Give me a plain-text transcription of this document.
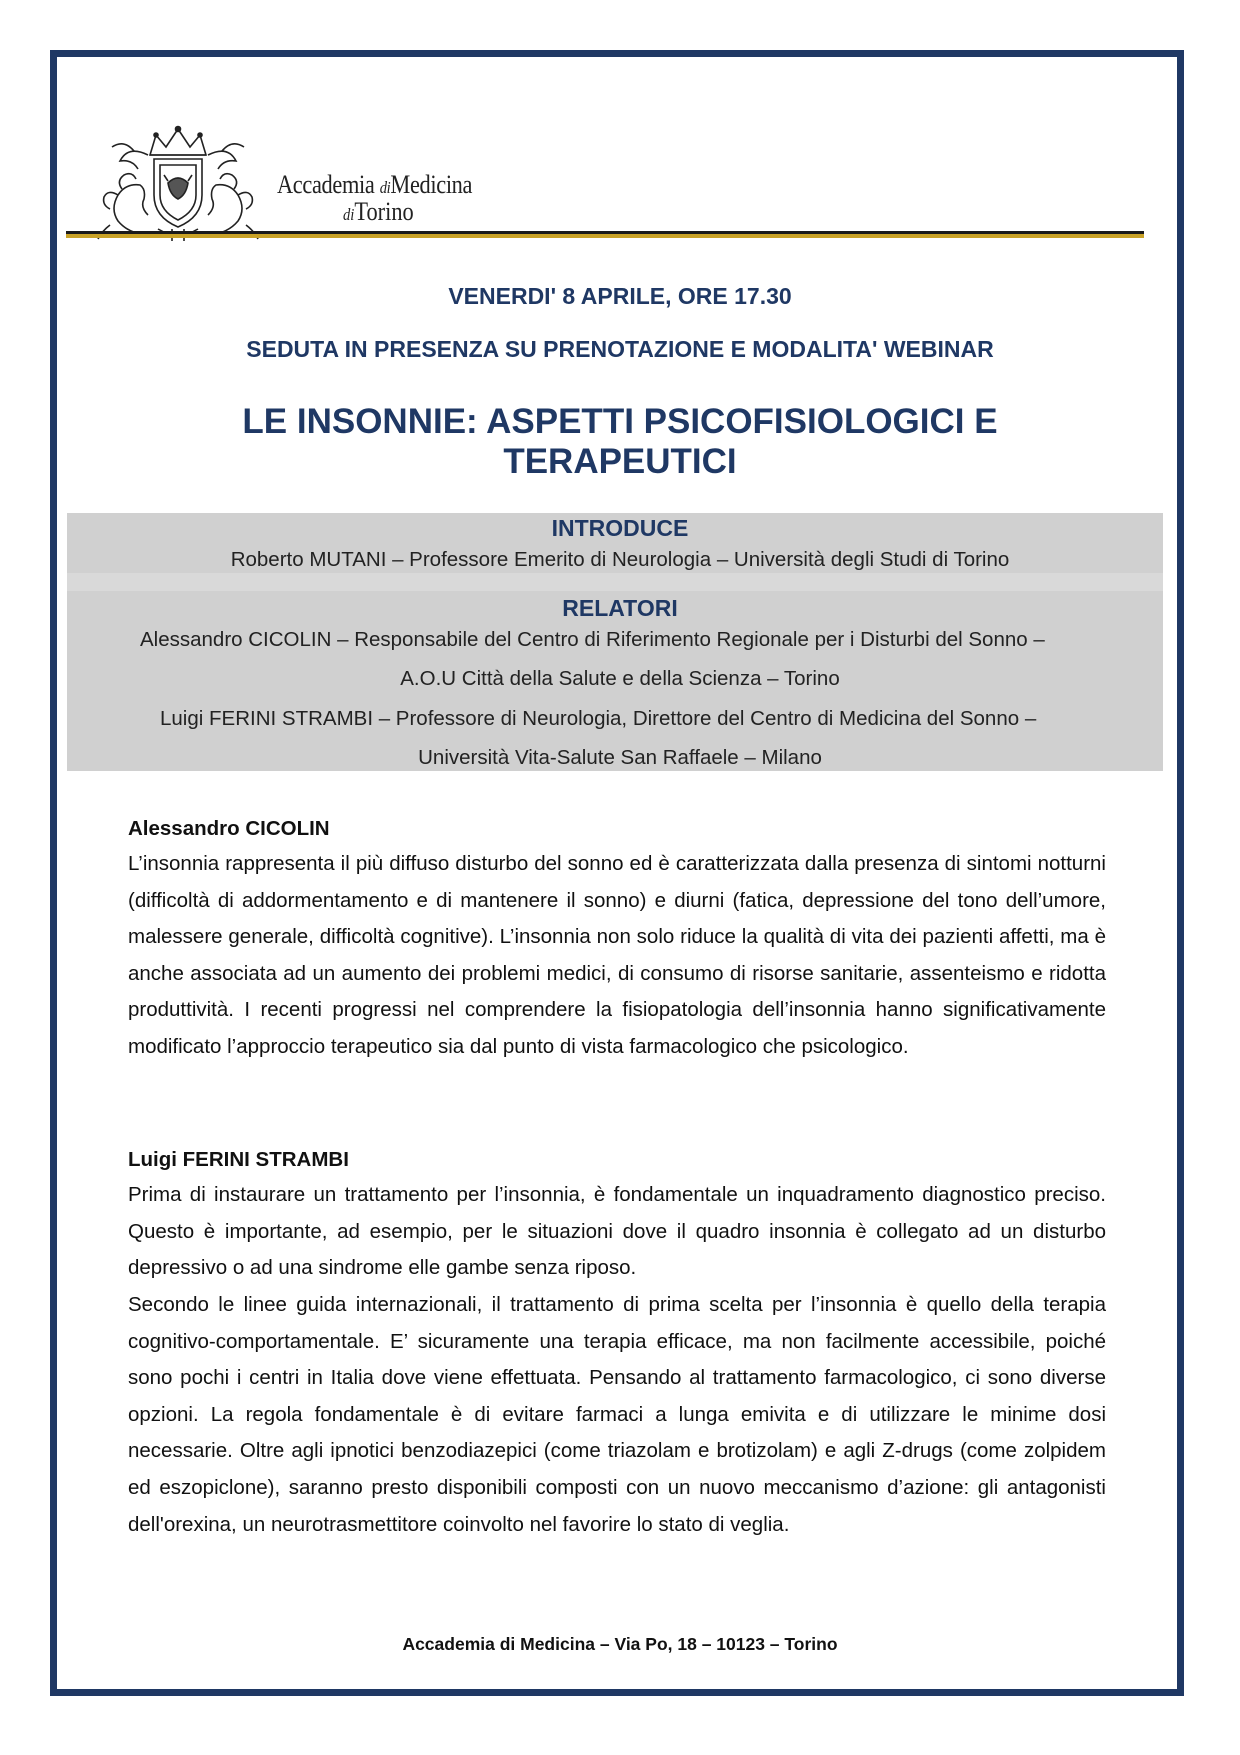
Accademia diMedicina
diTorino
VENERDI' 8 APRILE, ORE 17.30
SEDUTA IN PRESENZA SU PRENOTAZIONE E MODALITA' WEBINAR
LE INSONNIE: ASPETTI PSICOFISIOLOGICI E
TERAPEUTICI
INTRODUCE
Roberto MUTANI – Professore Emerito di Neurologia – Università degli Studi di Torino
RELATORI
Alessandro CICOLIN – Responsabile del Centro di Riferimento Regionale per i Disturbi del Sonno –
A.O.U Città della Salute e della Scienza – Torino
Luigi FERINI STRAMBI – Professore di Neurologia, Direttore del Centro di Medicina del Sonno –
Università Vita-Salute San Raffaele – Milano
Alessandro CICOLIN
L’insonnia rappresenta il più diffuso disturbo del sonno ed è caratterizzata dalla presenza di sintomi notturni (difficoltà di addormentamento e di mantenere il sonno) e diurni (fatica, depressione del tono dell’umore, malessere generale, difficoltà cognitive). L’insonnia non solo riduce la qualità di vita dei pazienti affetti, ma è anche associata ad un aumento dei problemi medici, di consumo di risorse sanitarie, assenteismo e ridotta produttività. I recenti progressi nel comprendere la fisiopatologia dell’insonnia hanno significativamente modificato l’approccio terapeutico sia dal punto di vista farmacologico che psicologico.
Luigi FERINI STRAMBI
Prima di instaurare un trattamento per l’insonnia, è fondamentale un inquadramento diagnostico preciso. Questo è importante, ad esempio, per le situazioni dove il quadro insonnia è collegato ad un disturbo depressivo o ad una sindrome elle gambe senza riposo.
Secondo le linee guida internazionali, il trattamento di prima scelta per l’insonnia è quello della terapia cognitivo-comportamentale. E’ sicuramente una terapia efficace, ma non facilmente accessibile, poiché sono pochi i centri in Italia dove viene effettuata. Pensando al trattamento farmacologico, ci sono diverse opzioni. La regola fondamentale è di evitare farmaci a lunga emivita e di utilizzare le minime dosi necessarie. Oltre agli ipnotici benzodiazepici (come triazolam e brotizolam) e agli Z-drugs (come zolpidem ed eszopiclone), saranno presto disponibili composti con un nuovo meccanismo d’azione: gli antagonisti dell'orexina, un neurotrasmettitore coinvolto nel favorire lo stato di veglia.
Accademia di Medicina – Via Po, 18 – 10123 – Torino
